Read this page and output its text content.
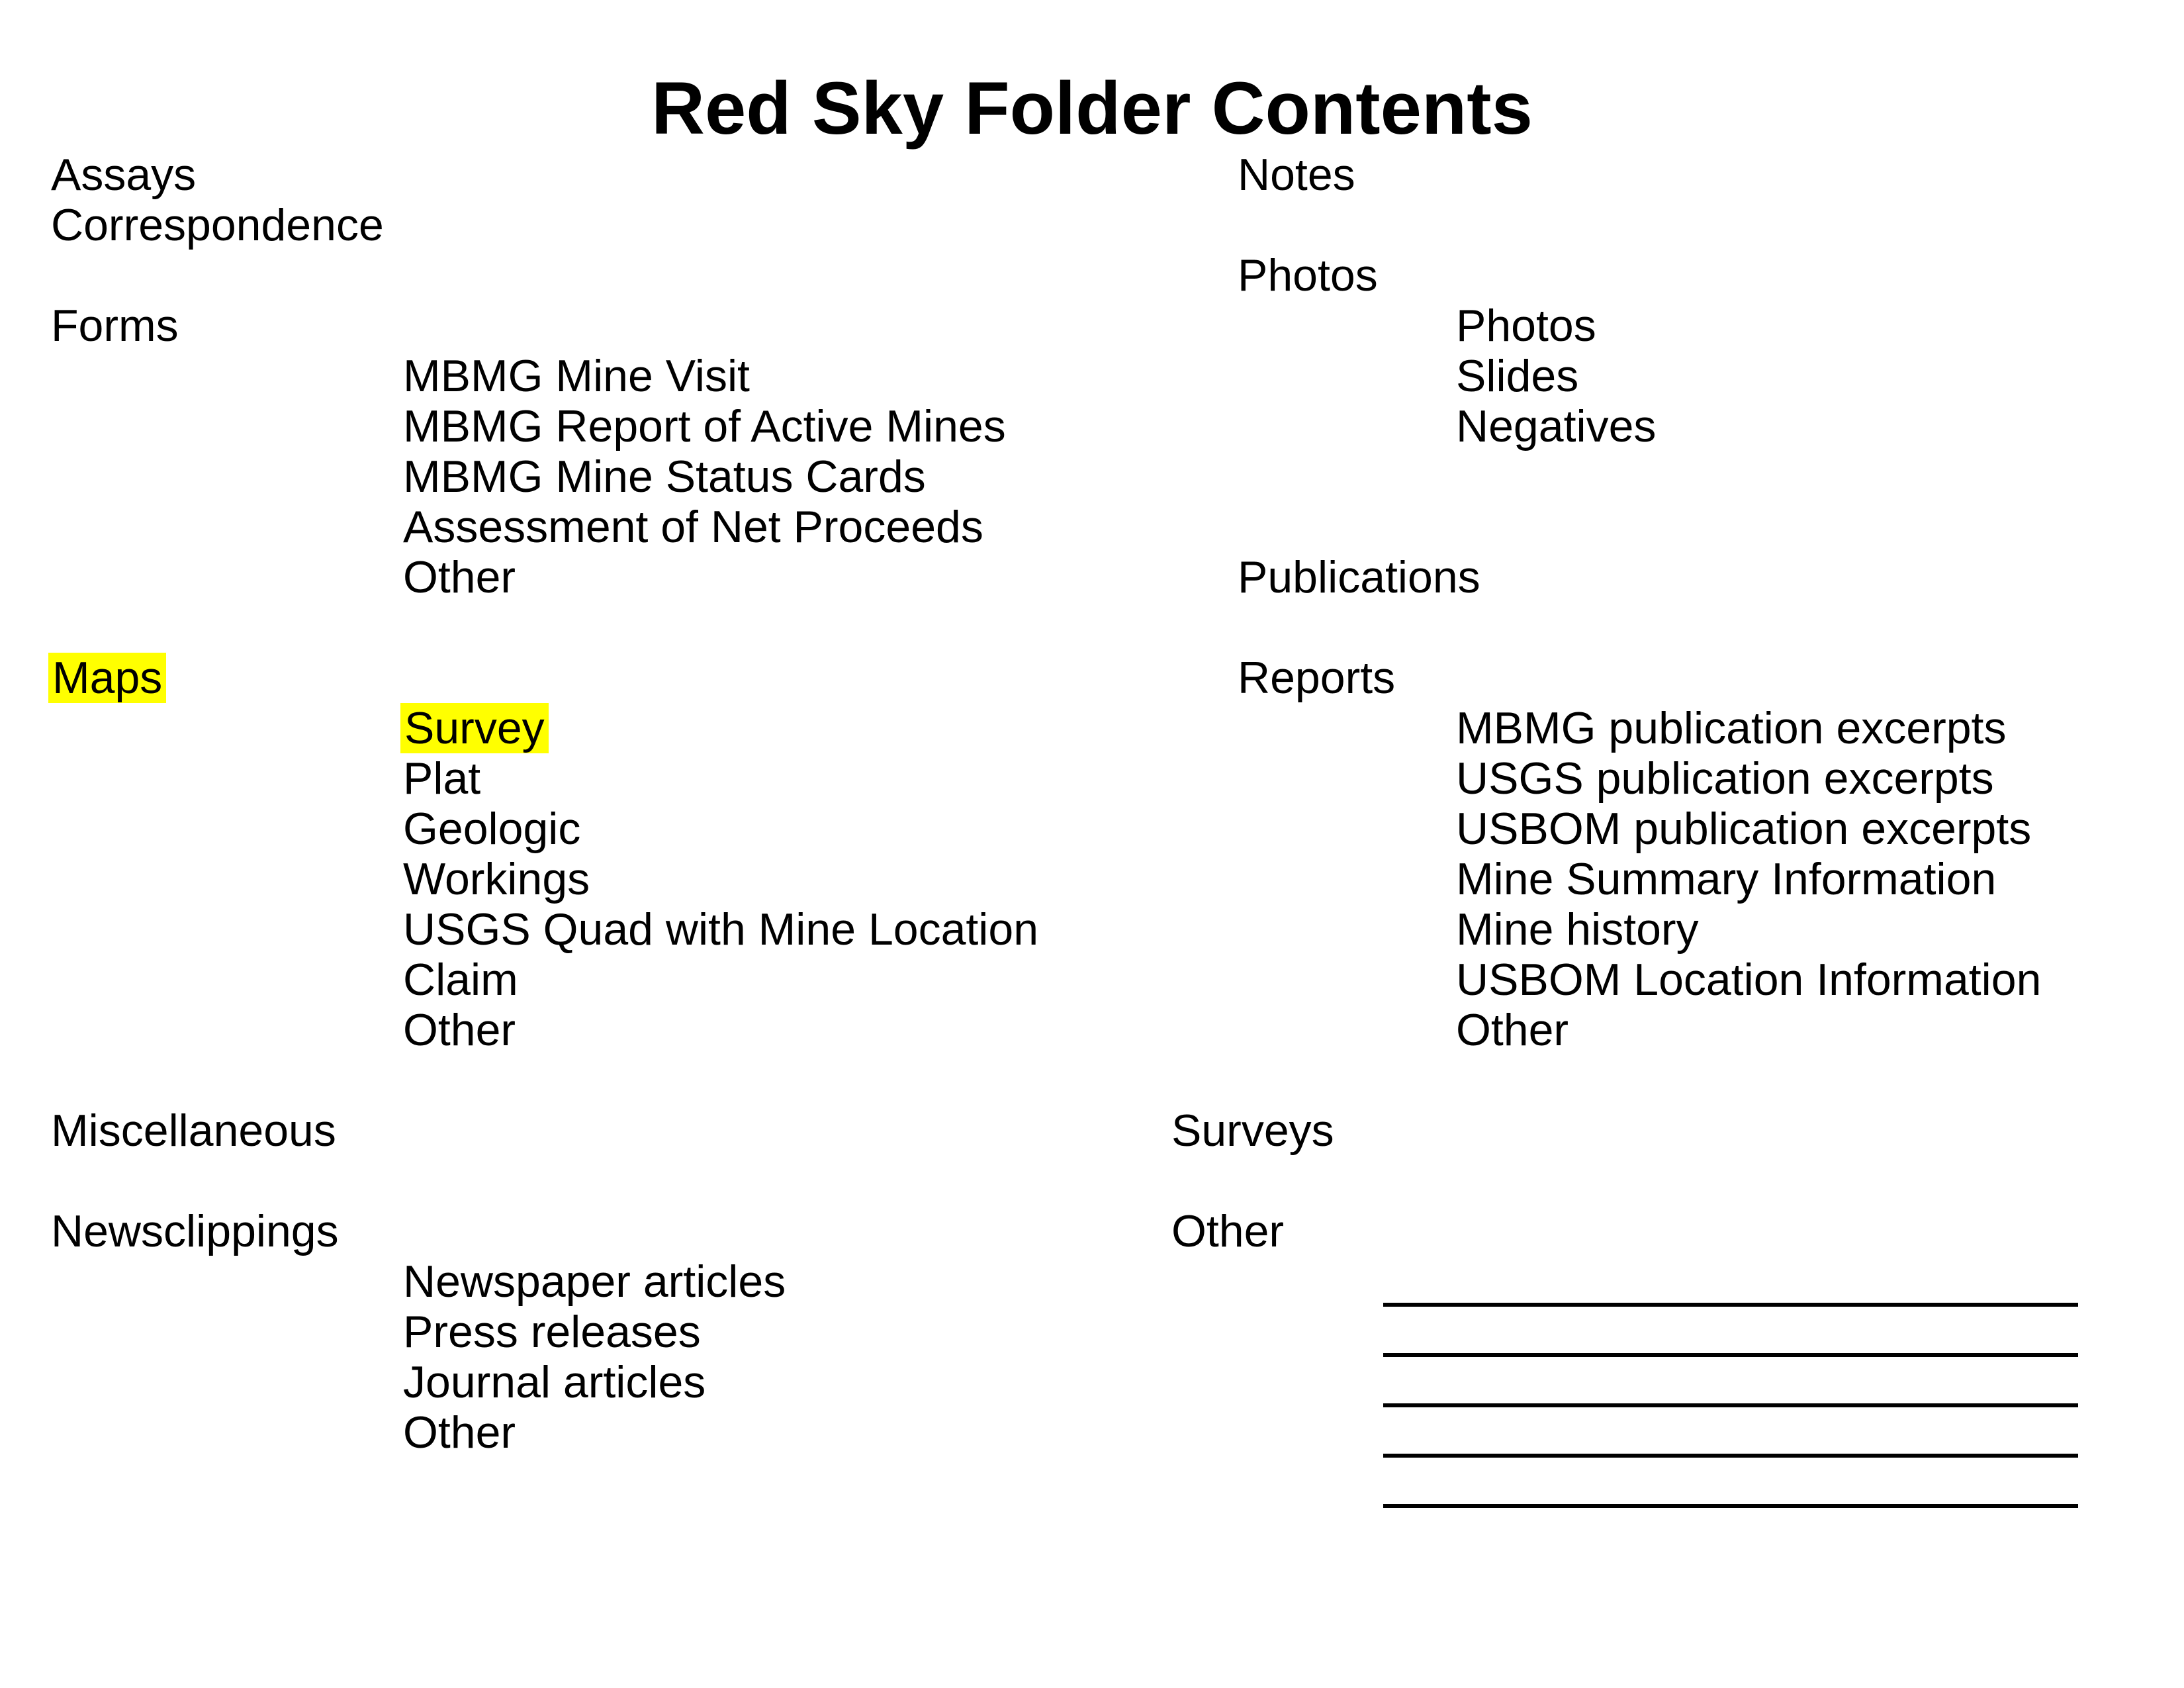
Red Sky Folder Contents
Assays
Correspondence
Forms
MBMG Mine Visit
MBMG Report of Active Mines
MBMG Mine Status Cards
Assessment of Net Proceeds
Other
Maps
Survey
Plat
Geologic
Workings
USGS Quad with Mine Location
Claim
Other
Miscellaneous
Newsclippings
Newspaper articles
Press releases
Journal articles
Other
Notes
Photos
Photos
Slides
Negatives
Publications
Reports
MBMG publication excerpts
USGS publication excerpts
USBOM publication excerpts
Mine Summary Information
Mine history
USBOM Location Information
Other
Surveys
Other
